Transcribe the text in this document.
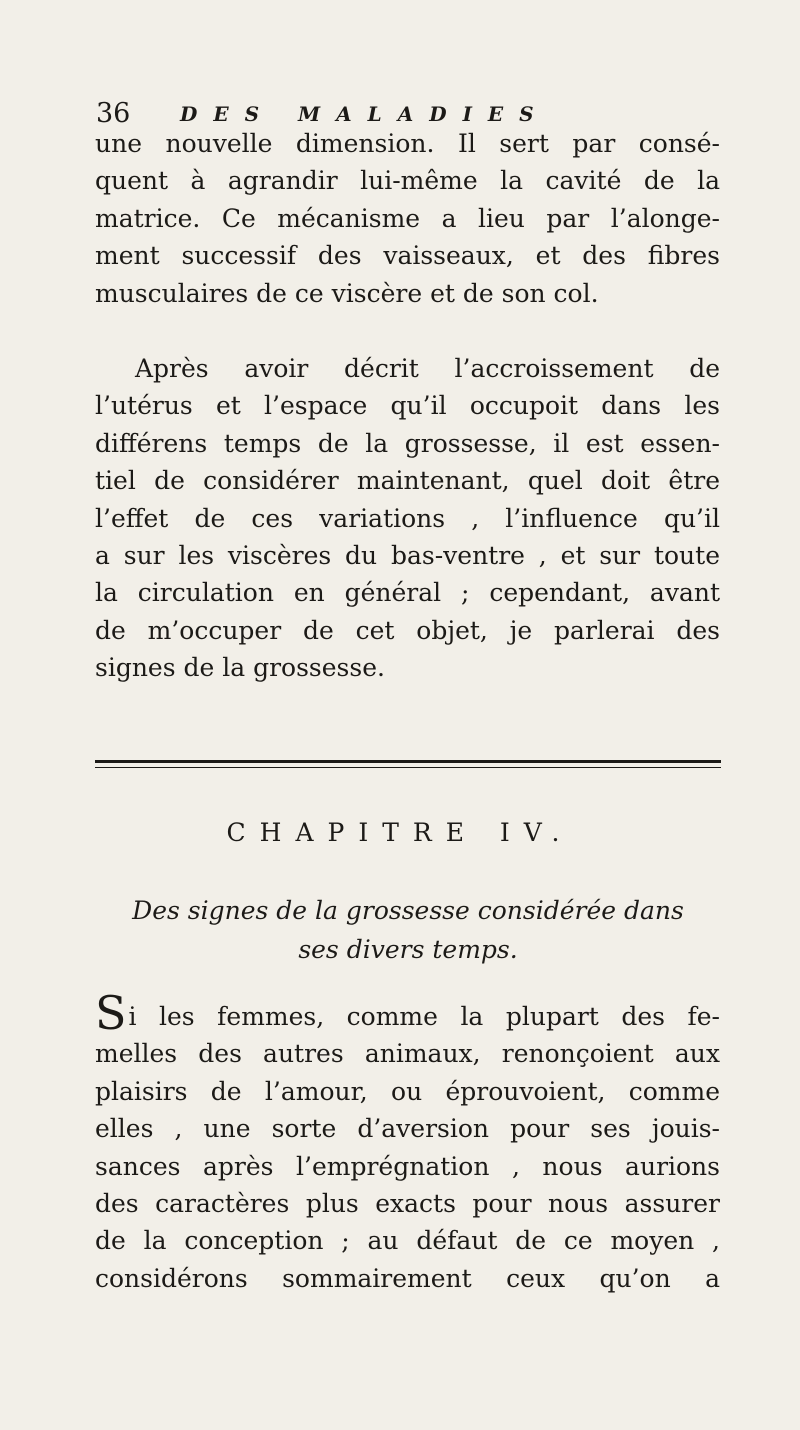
36 DES MALADIES
une nouvelle dimension. Il sert par consé-
quent à agrandir lui-même la cavité de la
matrice. Ce mécanisme a lieu par l’alonge-
ment successif des vaisseaux, et des fibres
musculaires de ce viscère et de son col.
Après avoir décrit l’accroissement de
l’utérus et l’espace qu’il occupoit dans les
différens temps de la grossesse, il est essen-
tiel de considérer maintenant, quel doit être
l’effet de ces variations , l’influence qu’il
a sur les viscères du bas-ventre , et sur toute
la circulation en général ; cependant, avant
de m’occuper de cet objet, je parlerai des
signes de la grossesse.
CHAPITRE IV.
Des signes de la grossesse considérée dans
ses divers temps.
Si les femmes, comme la plupart des fe-
melles des autres animaux, renonçoient aux
plaisirs de l’amour, ou éprouvoient, comme
elles , une sorte d’aversion pour ses jouis-
sances après l’emprégnation , nous aurions
des caractères plus exacts pour nous assurer
de la conception ; au défaut de ce moyen ,
considérons sommairement ceux qu’on a
